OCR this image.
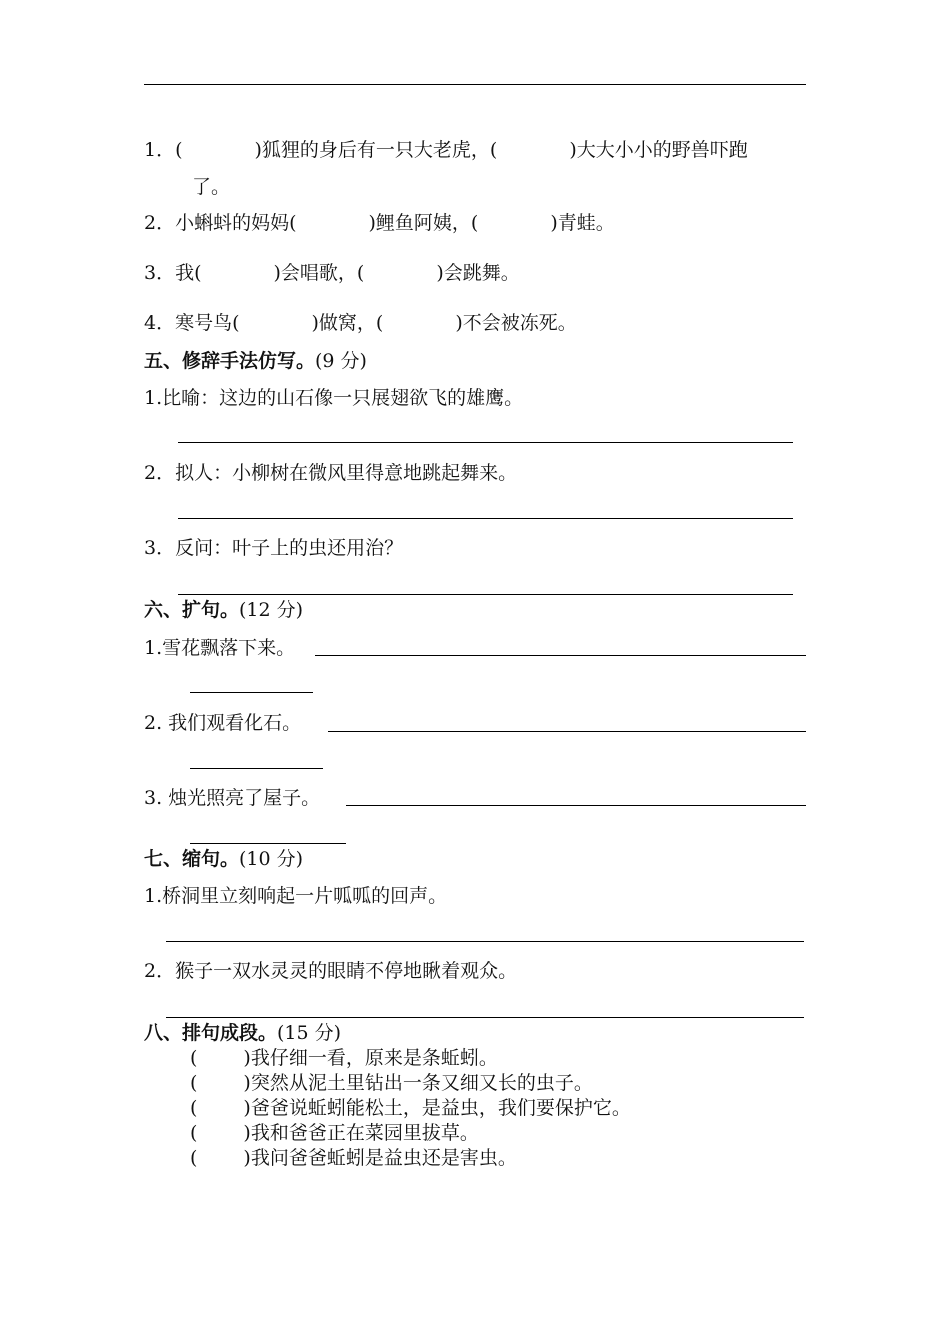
1．(	)狐狸的身后有一只大老虎，(	)大大小小的野兽吓跑
了。
2．小蝌蚪的妈妈(	)鲤鱼阿姨，(	)青蛙。
3．我(	)会唱歌，(	)会跳舞。
4．寒号鸟(	)做窝，(	)不会被冻死。
五、修辞手法仿写。(9 分)
1.比喻：这边的山石像一只展翅欲飞的雄鹰。
2．拟人：小柳树在微风里得意地跳起舞来。
3．反问：叶子上的虫还用治？
六、扩句。(12 分)
1.雪花飘落下来。
2. 我们观看化石。
3. 烛光照亮了屋子。
七、缩句。(10 分)
1.桥洞里立刻响起一片呱呱的回声。
2．猴子一双水灵灵的眼睛不停地瞅着观众。
八、排句成段。(15 分)
( )我仔细一看，原来是条蚯蚓。
( )突然从泥土里钻出一条又细又长的虫子。
( )爸爸说蚯蚓能松土，是益虫，我们要保护它。
( )我和爸爸正在菜园里拔草。
( )我问爸爸蚯蚓是益虫还是害虫。
